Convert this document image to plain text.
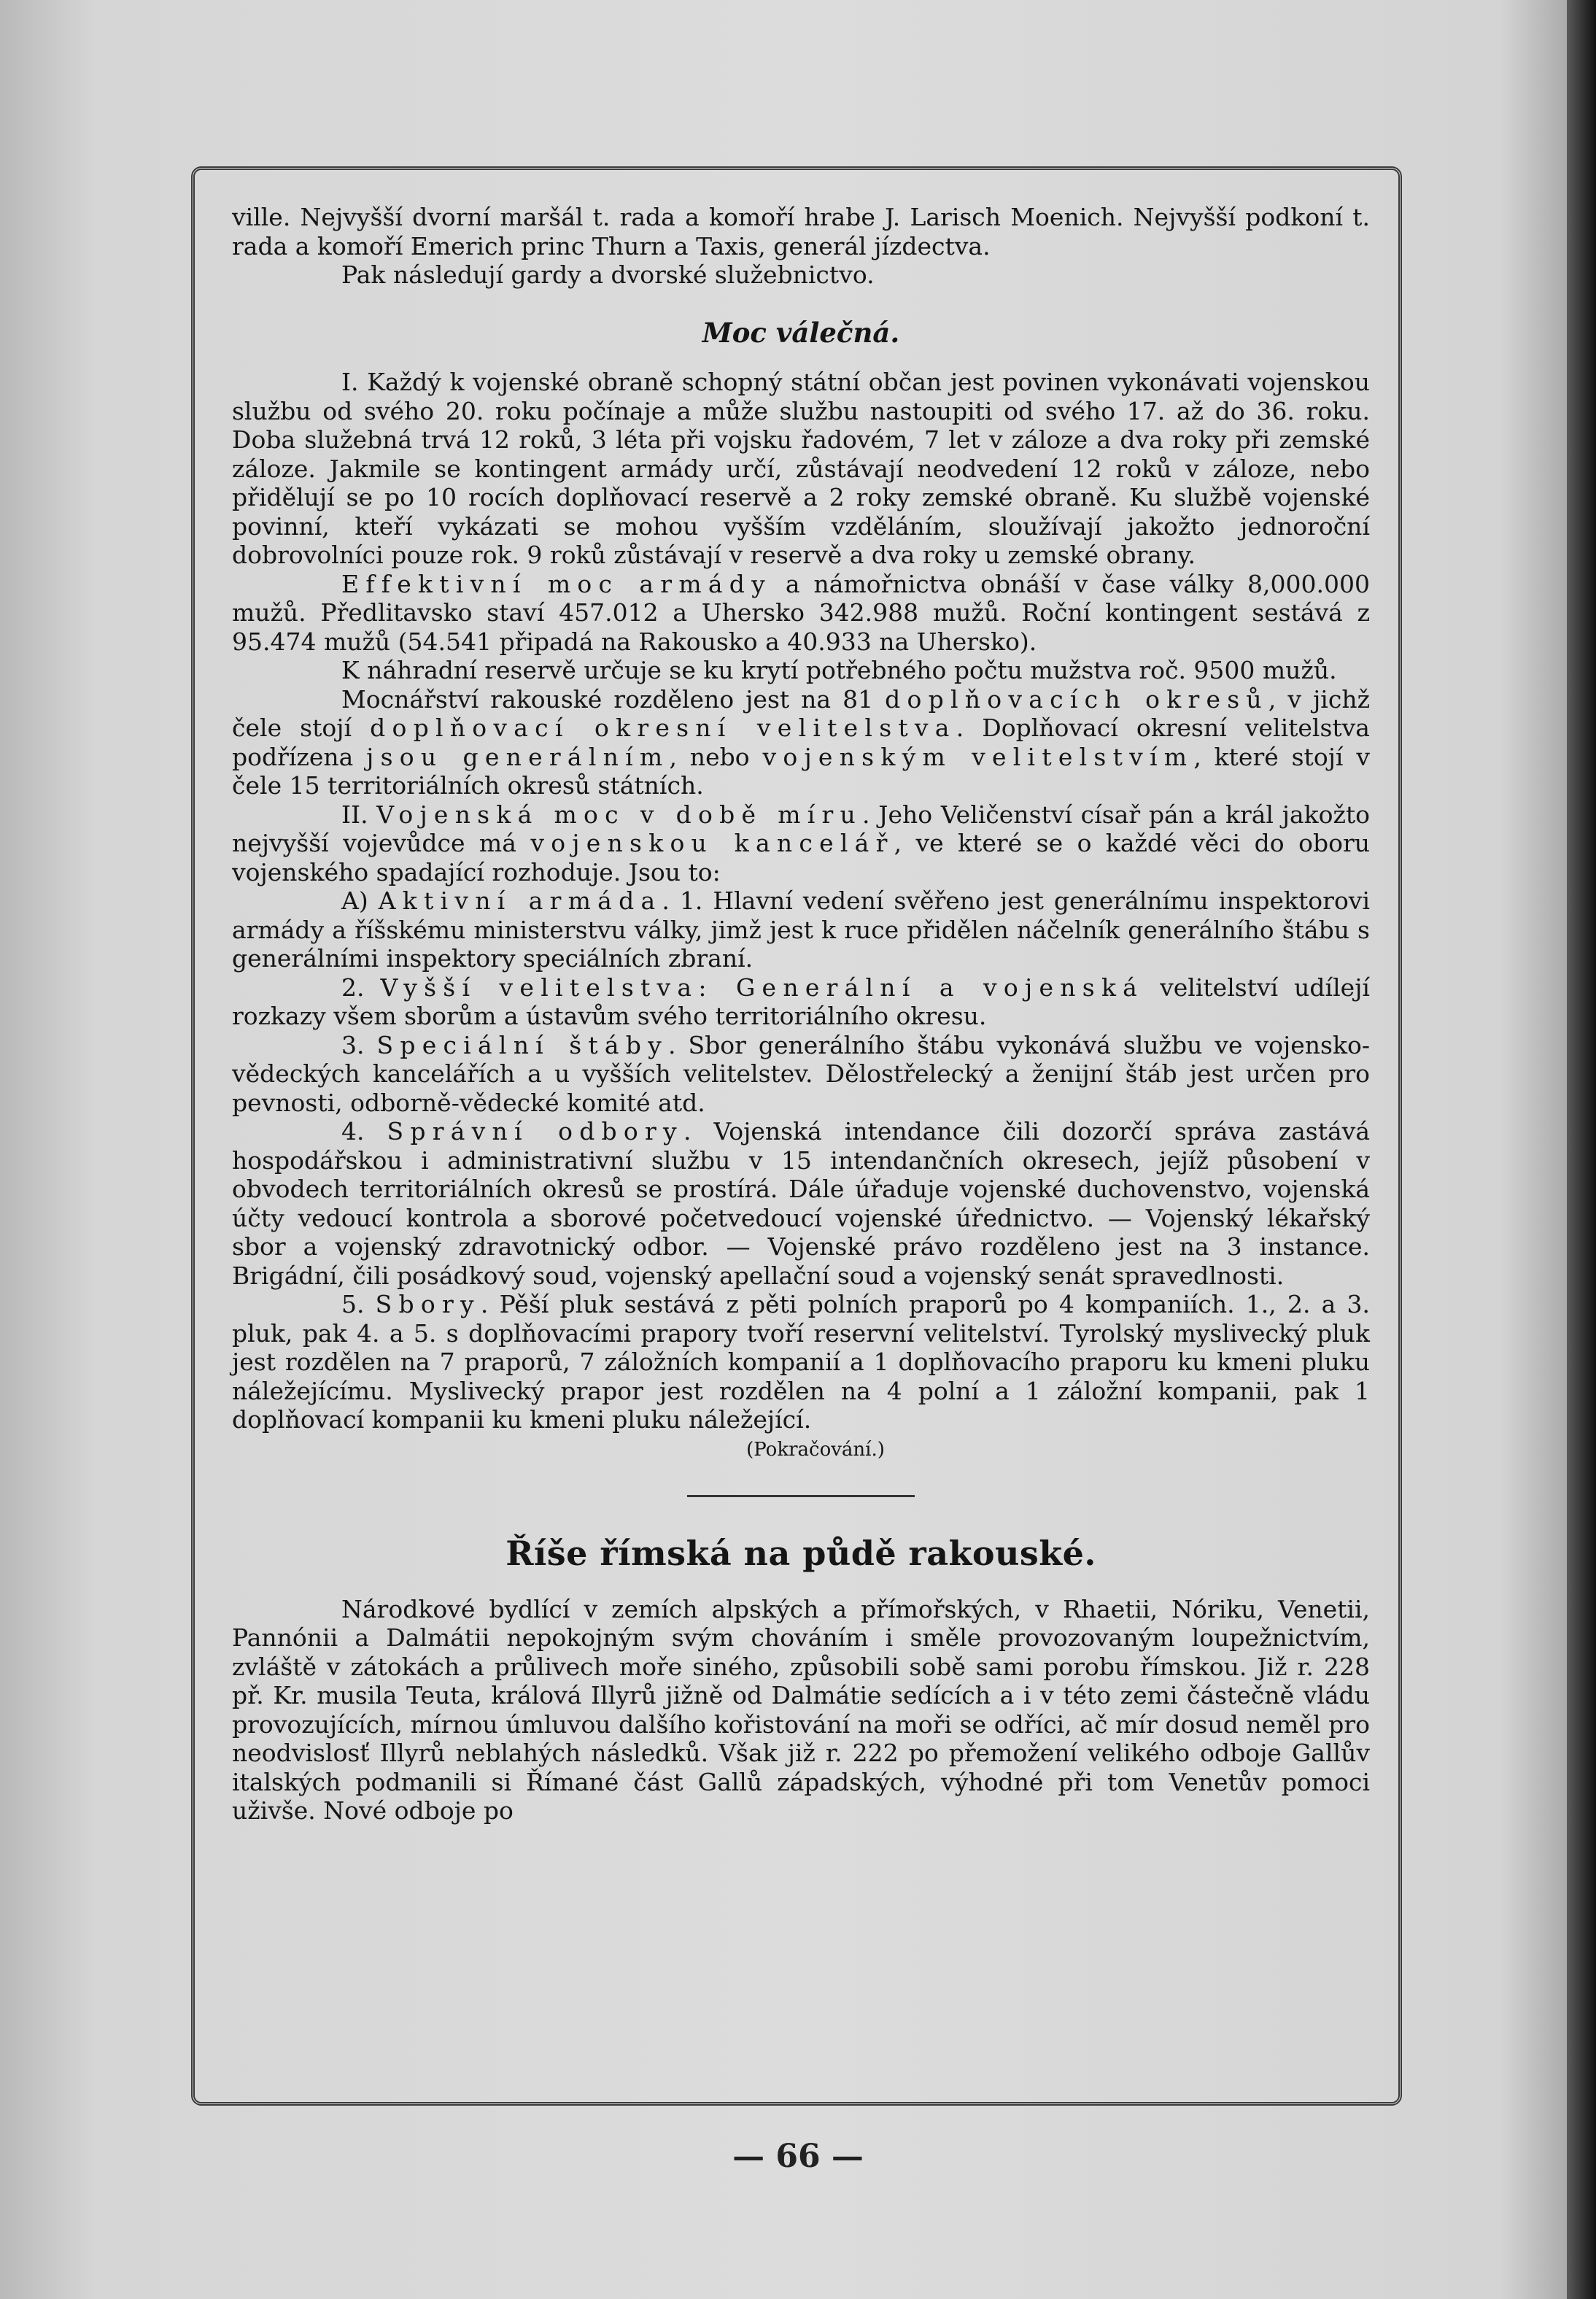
ville. Nejvyšší dvorní maršál t. rada a komoří hrabe J. Larisch Moenich. Nejvyšší podkoní t. rada a komoří Emerich princ Thurn a Taxis, generál jízdectva.

Pak následují gardy a dvorské služebnictvo.

Moc válečná.

I. Každý k vojenské obraně schopný státní občan jest povinen vykonávati vojenskou službu od svého 20. roku počínaje a může službu nastoupiti od svého 17. až do 36. roku. Doba služebná trvá 12 roků, 3 léta při vojsku řadovém, 7 let v záloze a dva roky při zemské záloze. Jakmile se kontingent armády určí, zůstávají neodvedení 12 roků v záloze, nebo přidělují se po 10 rocích doplňovací reservě a 2 roky zemské obraně. Ku službě vojenské povinní, kteří vykázati se mohou vyšším vzděláním, sloužívají jakožto jednoroční dobrovolníci pouze rok. 9 roků zůstávají v reservě a dva roky u zemské obrany.

Effektivní moc armády a námořnictva obnáší v čase války 8,000.000 mužů. Předlitavsko staví 457.012 a Uhersko 342.988 mužů. Roční kontingent sestává z 95.474 mužů (54.541 připadá na Rakousko a 40.933 na Uhersko).

K náhradní reservě určuje se ku krytí potřebného počtu mužstva roč. 9500 mužů.

Mocnářství rakouské rozděleno jest na 81 doplňovacích okresů, v jichž čele stojí doplňovací okresní velitelstva. Doplňovací okresní velitelstva podřízena jsou generálním, nebo vojenským velitelstvím, které stojí v čele 15 territoriálních okresů státních.

II. Vojenská moc v době míru. Jeho Veličenství císař pán a král jakožto nejvyšší vojevůdce má vojenskou kancelář, ve které se o každé věci do oboru vojenského spadající rozhoduje. Jsou to:

A) Aktivní armáda. 1. Hlavní vedení svěřeno jest generálnímu inspektorovi armády a říšskému ministerstvu války, jimž jest k ruce přidělen náčelník generálního štábu s generálními inspektory speciálních zbraní.

2. Vyšší velitelstva: Generální a vojenská velitelství udílejí rozkazy všem sborům a ústavům svého territoriálního okresu.

3. Speciální štáby. Sbor generálního štábu vykonává službu ve vojensko-vědeckých kancelářích a u vyšších velitelstev. Dělostřelecký a ženijní štáb jest určen pro pevnosti, odborně-vědecké komité atd.

4. Správní odbory. Vojenská intendance čili dozorčí správa zastává hospodářskou i administrativní službu v 15 intendančních okresech, jejíž působení v obvodech territoriálních okresů se prostírá. Dále úřaduje vojenské duchovenstvo, vojenská účty vedoucí kontrola a sborové početvedoucí vojenské úřednictvo. — Vojenský lékařský sbor a vojenský zdravotnický odbor. — Vojenské právo rozděleno jest na 3 instance. Brigádní, čili posádkový soud, vojenský apellační soud a vojenský senát spravedlnosti.

5. Sbory. Pěší pluk sestává z pěti polních praporů po 4 kompaniích. 1., 2. a 3. pluk, pak 4. a 5. s doplňovacími prapory tvoří reservní velitelství. Tyrolský myslivecký pluk jest rozdělen na 7 praporů, 7 záložních kompanií a 1 doplňovacího praporu ku kmeni pluku náležejícímu. Myslivecký prapor jest rozdělen na 4 polní a 1 záložní kompanii, pak 1 doplňovací kompanii ku kmeni pluku náležející.

(Pokračování.)

Říše římská na půdě rakouské.

Národkové bydlící v zemích alpských a přímořských, v Rhaetii, Nóriku, Venetii, Pannónii a Dalmátii nepokojným svým chováním i směle provozovaným loupežnictvím, zvláště v zátokách a průlivech moře siného, způsobili sobě sami porobu římskou. Již r. 228 př. Kr. musila Teuta, králová Illyrů jižně od Dalmátie sedících a i v této zemi částečně vládu provozujících, mírnou úmluvou dalšího kořistování na moři se odříci, ač mír dosud neměl pro neodvislosť Illyrů neblahých následků. Však již r. 222 po přemožení velikého odboje Gallův italských podmanili si Římané část Gallů západských, výhodné při tom Venetův pomoci uživše. Nové odboje po

— 66 —
